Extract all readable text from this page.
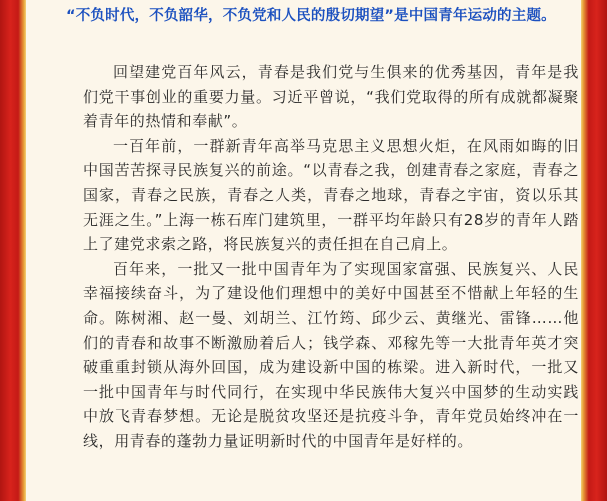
“不负时代，不负韶华，不负党和人民的殷切期望”是中国青年运动的主题。

回望建党百年风云，青春是我们党与生俱来的优秀基因，青年是我们党干事创业的重要力量。习近平曾说，“我们党取得的所有成就都凝聚着青年的热情和奉献”。

一百年前，一群新青年高举马克思主义思想火炬，在风雨如晦的旧中国苦苦探寻民族复兴的前途。“以青春之我，创建青春之家庭，青春之国家，青春之民族，青春之人类，青春之地球，青春之宇宙，资以乐其无涯之生。”上海一栋石库门建筑里，一群平均年龄只有28岁的青年人踏上了建党求索之路，将民族复兴的责任担在自己肩上。

百年来，一批又一批中国青年为了实现国家富强、民族复兴、人民幸福接续奋斗，为了建设他们理想中的美好中国甚至不惜献上年轻的生命。陈树湘、赵一曼、刘胡兰、江竹筠、邱少云、黄继光、雷锋……他们的青春和故事不断激励着后人；钱学森、邓稼先等一大批青年英才突破重重封锁从海外回国，成为建设新中国的栋梁。进入新时代，一批又一批中国青年与时代同行，在实现中华民族伟大复兴中国梦的生动实践中放飞青春梦想。无论是脱贫攻坚还是抗疫斗争，青年党员始终冲在一线，用青春的蓬勃力量证明新时代的中国青年是好样的。
